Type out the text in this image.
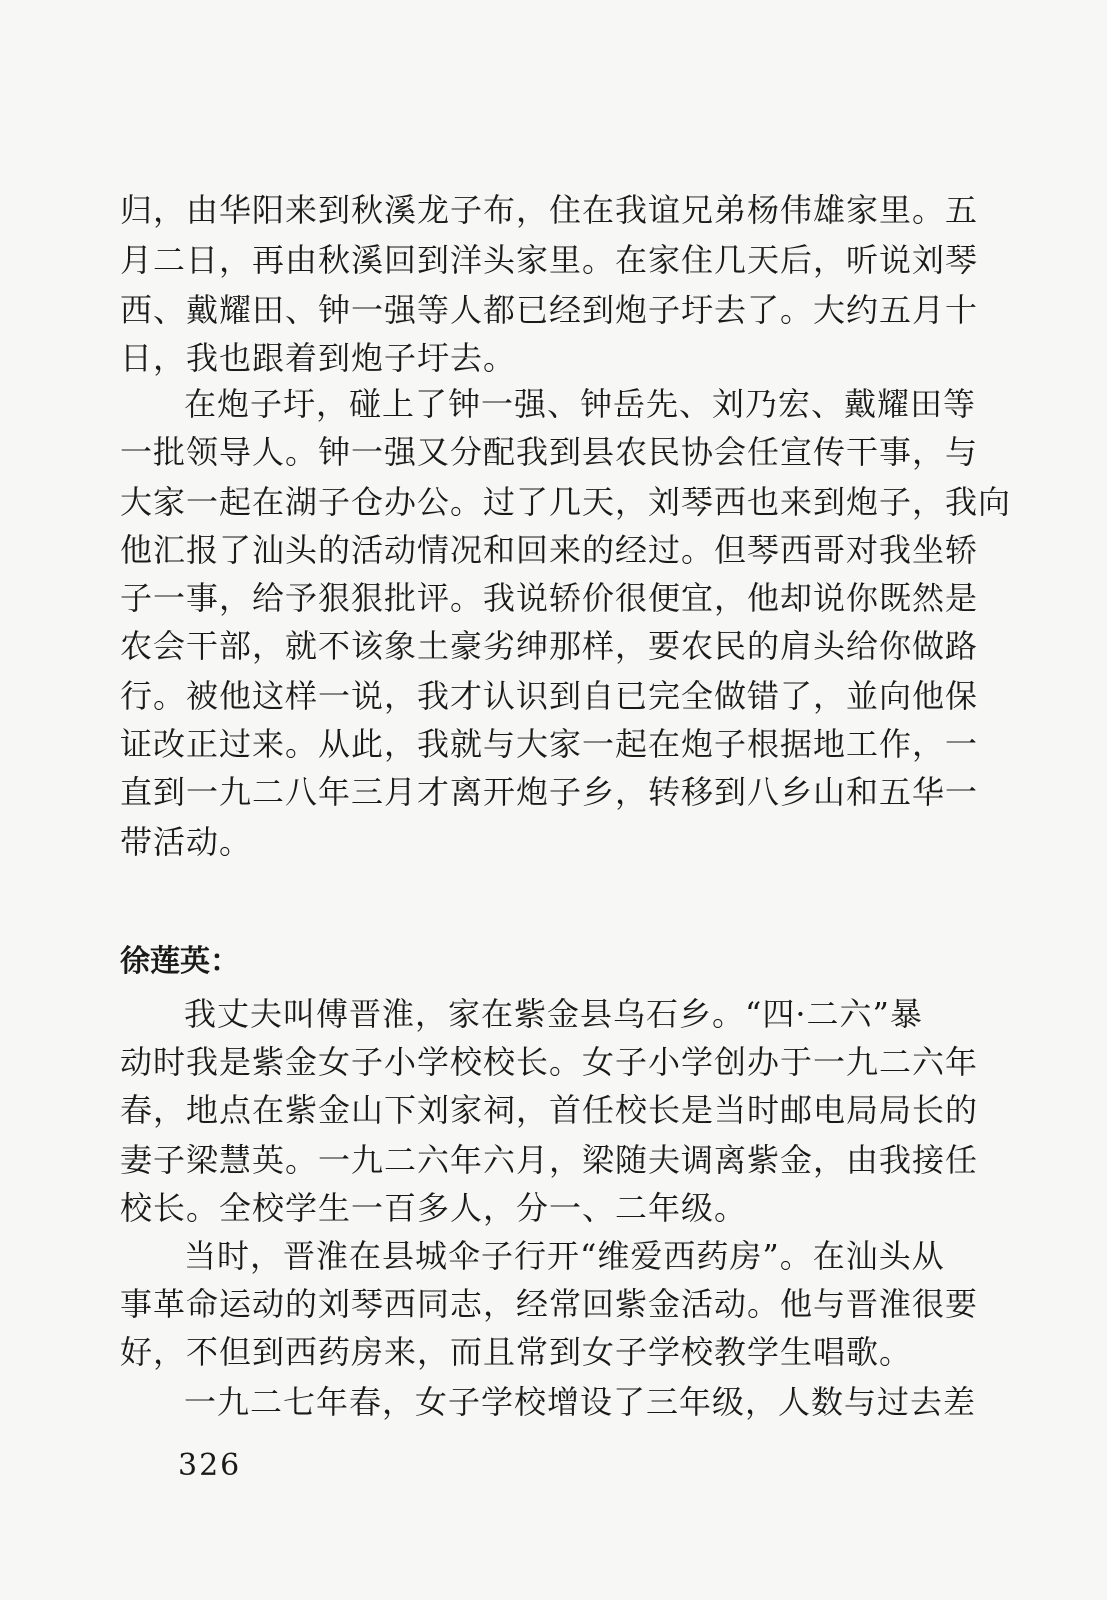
归，由华阳来到秋溪龙子布，住在我谊兄弟杨伟雄家里。五
月二日，再由秋溪回到洋头家里。在家住几天后，听说刘琴
西、戴耀田、钟一强等人都已经到炮子圩去了。大约五月十
日，我也跟着到炮子圩去。
在炮子圩，碰上了钟一强、钟岳先、刘乃宏、戴耀田等
一批领导人。钟一强又分配我到县农民协会任宣传干事，与
大家一起在湖子仓办公。过了几天，刘琴西也来到炮子，我向
他汇报了汕头的活动情况和回来的经过。但琴西哥对我坐轿
子一事，给予狠狠批评。我说轿价很便宜，他却说你既然是
农会干部，就不该象土豪劣绅那样，要农民的肩头给你做路
行。被他这样一说，我才认识到自已完全做错了，並向他保
证改正过来。从此，我就与大家一起在炮子根据地工作，一
直到一九二八年三月才离开炮子乡，转移到八乡山和五华一
带活动。
徐莲英：
我丈夫叫傅晋淮，家在紫金县乌石乡。“四·二六”暴
动时我是紫金女子小学校校长。女子小学创办于一九二六年
春，地点在紫金山下刘家祠，首任校长是当时邮电局局长的
妻子梁慧英。一九二六年六月，梁随夫调离紫金，由我接任
校长。全校学生一百多人，分一、二年级。
当时，晋淮在县城伞子行开“维爱西药房”。在汕头从
事革命运动的刘琴西同志，经常回紫金活动。他与晋淮很要
好，不但到西药房来，而且常到女子学校教学生唱歌。
一九二七年春，女子学校增设了三年级，人数与过去差
326
